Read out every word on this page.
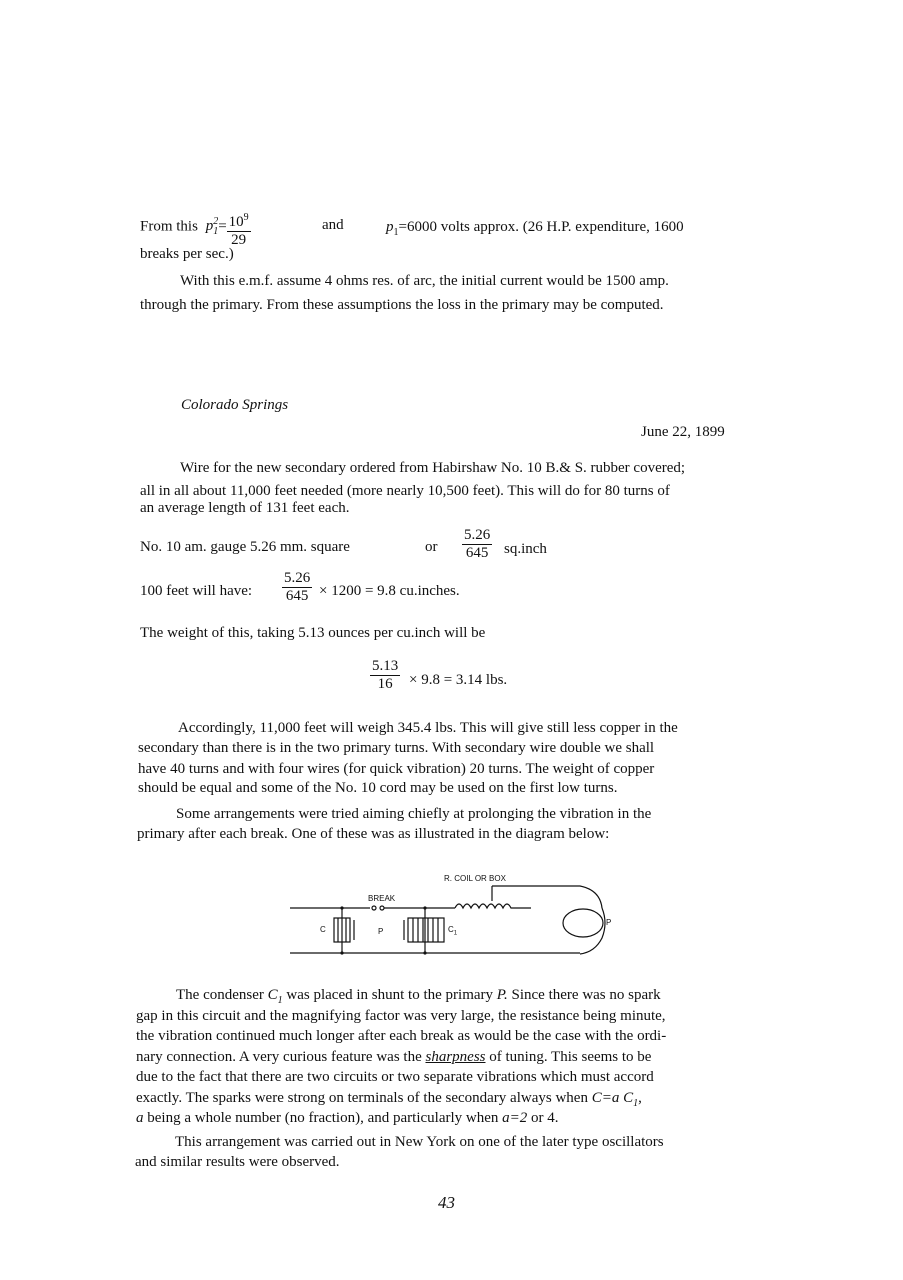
From this $p_1^2= \frac{10^9}{29}$	and	$p_1=6000$ volts approx. (26 H.P. expenditure, 1600
breaks per sec.)
With this e.m.f. assume 4 ohms res. of arc, the initial current would be 1500 amp.
through the primary. From these assumptions the loss in the primary may be computed.
Colorado Springs
June 22, 1899
Wire for the new secondary ordered from Habirshaw No. 10 B.& S. rubber covered;
all in all about 11,000 feet needed (more nearly 10,500 feet). This will do for 80 turns of
an average length of 131 feet each.
No. 10 am. gauge 5.26 mm. square	or $\frac{5.26}{645}$ sq.inch
100 feet will have: $\frac{5.26}{645} \times 1200 = 9.8$ cu.inches.
The weight of this, taking 5.13 ounces per cu.inch will be
$\frac{5.13}{16} \times 9.8 = 3.14$ lbs.
Accordingly, 11,000 feet will weigh 345.4 lbs. This will give still less copper in the
secondary than there is in the two primary turns. With secondary wire double we shall
have 40 turns and with four wires (for quick vibration) 20 turns. The weight of copper
should be equal and some of the No. 10 cord may be used on the first low turns.
Some arrangements were tried aiming chiefly at prolonging the vibration in the
primary after each break. One of these was as illustrated in the diagram below:
R. COIL OR BOX
BREAK
C	P	$C_1$
P
The condenser $C_1$ was placed in shunt to the primary P. Since there was no spark
gap in this circuit and the magnifying factor was very large, the resistance being minute,
the vibration continued much longer after each break as would be the case with the ordi-
nary connection. A very curious feature was the sharpness of tuning. This seems to be
due to the fact that there are two circuits or two separate vibrations which must accord
exactly. The sparks were strong on terminals of the secondary always when C=a $C_1$,
a being a whole number (no fraction), and particularly when a=2 or 4.
This arrangement was carried out in New York on one of the later type oscillators
and similar results were observed.
43
